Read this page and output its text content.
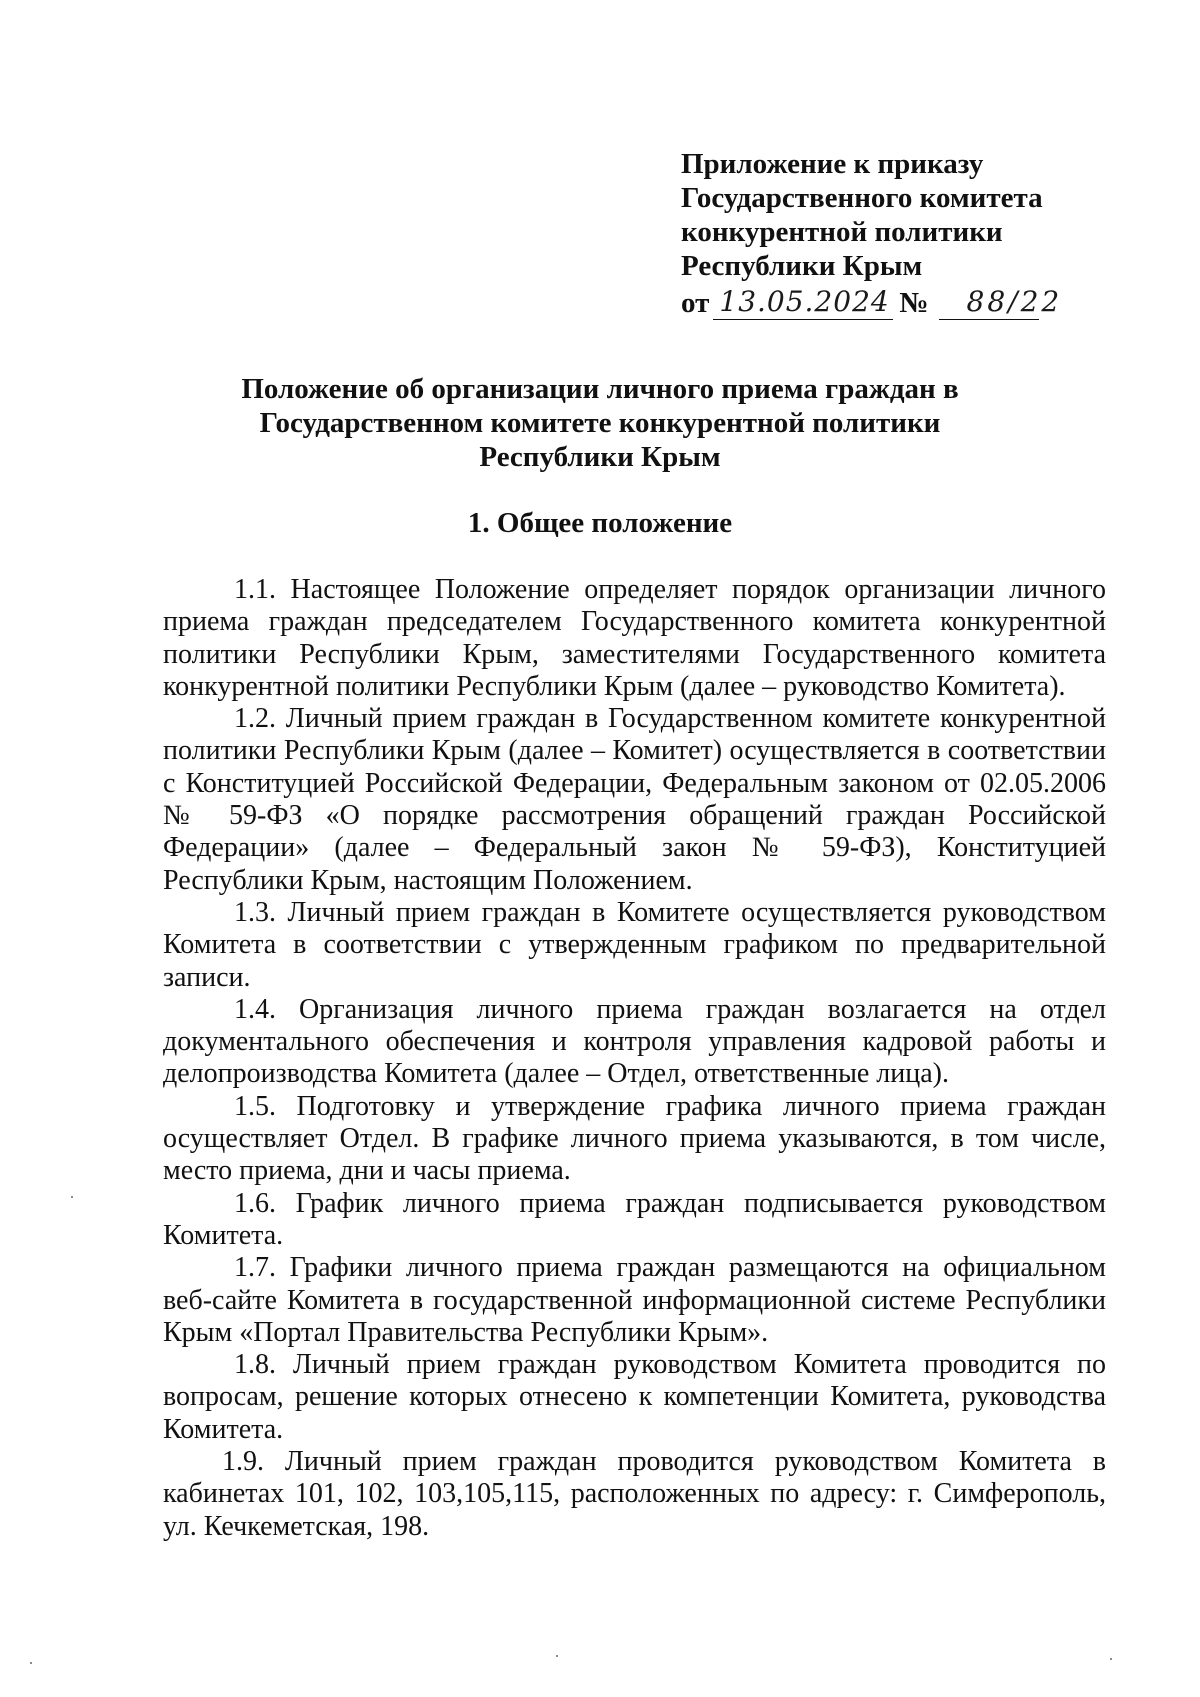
Приложение к приказу
Государственного комитета
конкурентной политики
Республики Крым
от 13.05.2024 № 88/22
Положение об организации личного приема граждан в
Государственном комитете конкурентной политики
Республики Крым
1. Общее положение

1.1. Настоящее Положение определяет порядок организации личного приема граждан председателем Государственного комитета конкурентной политики Республики Крым, заместителями Государственного комитета конкурентной политики Республики Крым (далее – руководство Комитета).

1.2. Личный прием граждан в Государственном комитете конкурентной политики Республики Крым (далее – Комитет) осуществляется в соответствии с Конституцией Российской Федерации, Федеральным законом от 02.05.2006 № 59-ФЗ «О порядке рассмотрения обращений граждан Российской Федерации» (далее – Федеральный закон № 59-ФЗ), Конституцией Республики Крым, настоящим Положением.

1.3. Личный прием граждан в Комитете осуществляется руководством Комитета в соответствии с утвержденным графиком по предварительной записи.

1.4. Организация личного приема граждан возлагается на отдел документального обеспечения и контроля управления кадровой работы и делопроизводства Комитета (далее – Отдел, ответственные лица).

1.5. Подготовку и утверждение графика личного приема граждан осуществляет Отдел. В графике личного приема указываются, в том числе, место приема, дни и часы приема.

1.6. График личного приема граждан подписывается руководством Комитета.

1.7. Графики личного приема граждан размещаются на официальном веб-сайте Комитета в государственной информационной системе Республики Крым «Портал Правительства Республики Крым».

1.8. Личный прием граждан руководством Комитета проводится по вопросам, решение которых отнесено к компетенции Комитета, руководства Комитета.

1.9. Личный прием граждан проводится руководством Комитета в кабинетах 101, 102, 103,105,115, расположенных по адресу: г. Симферополь, ул. Кечкеметская, 198.
